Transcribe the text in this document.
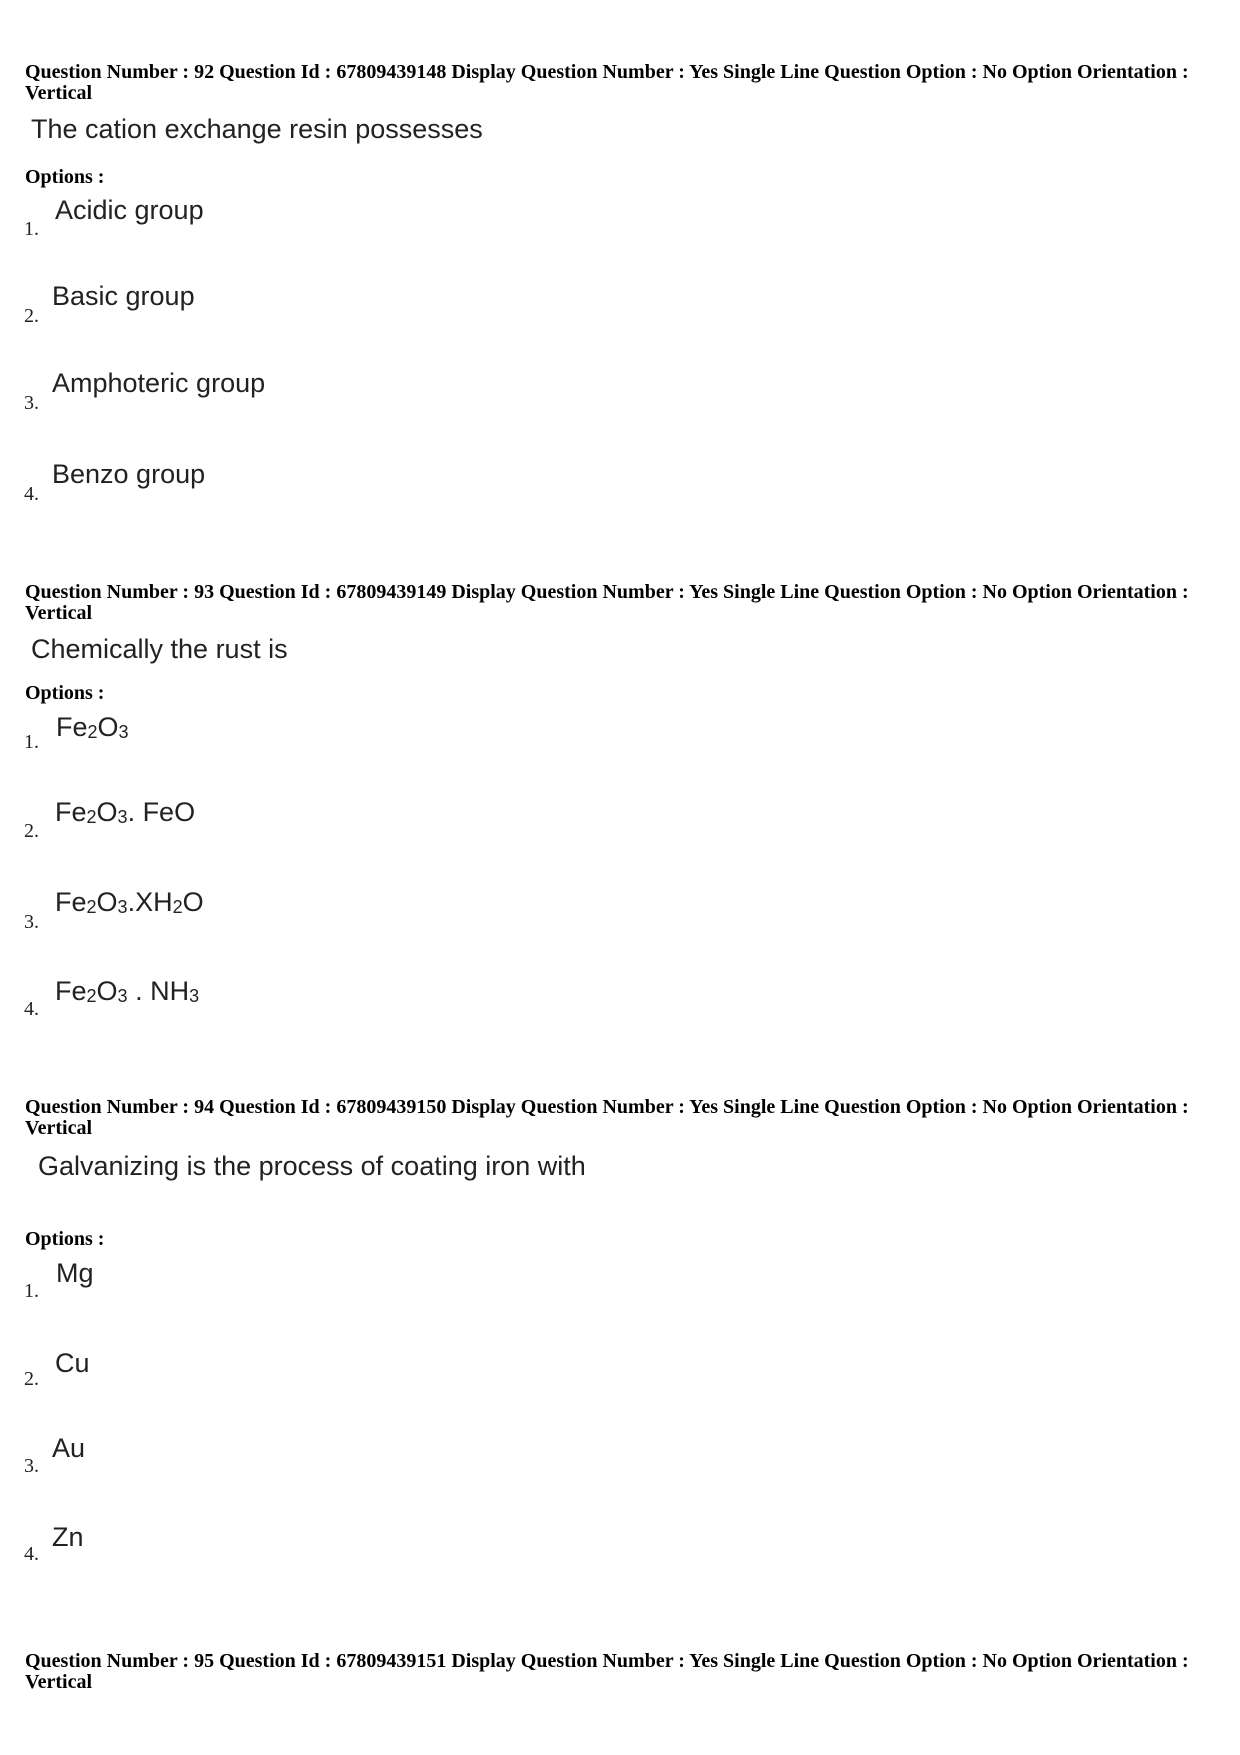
Question Number : 92 Question Id : 67809439148 Display Question Number : Yes Single Line Question Option : No Option Orientation : Vertical
The cation exchange resin possesses
Options :
1.
Acidic group
2.
Basic group
3.
Amphoteric group
4.
Benzo group
Question Number : 93 Question Id : 67809439149 Display Question Number : Yes Single Line Question Option : No Option Orientation : Vertical
Chemically the rust is
Options :
1. $Fe_2O_3$
2.
$Fe_2O_3$. FeO
3.
$Fe_2O_3.XH_2O$
4.
$Fe_2O_3$ . $NH_3$
Question Number : 94 Question Id : 67809439150 Display Question Number : Yes Single Line Question Option : No Option Orientation : Vertical
Galvanizing is the process of coating iron with
Options :
1.
Mg
2.
Cu
3.
Au
4.
Zn
Question Number : 95 Question Id : 67809439151 Display Question Number : Yes Single Line Question Option : No Option Orientation : Vertical
